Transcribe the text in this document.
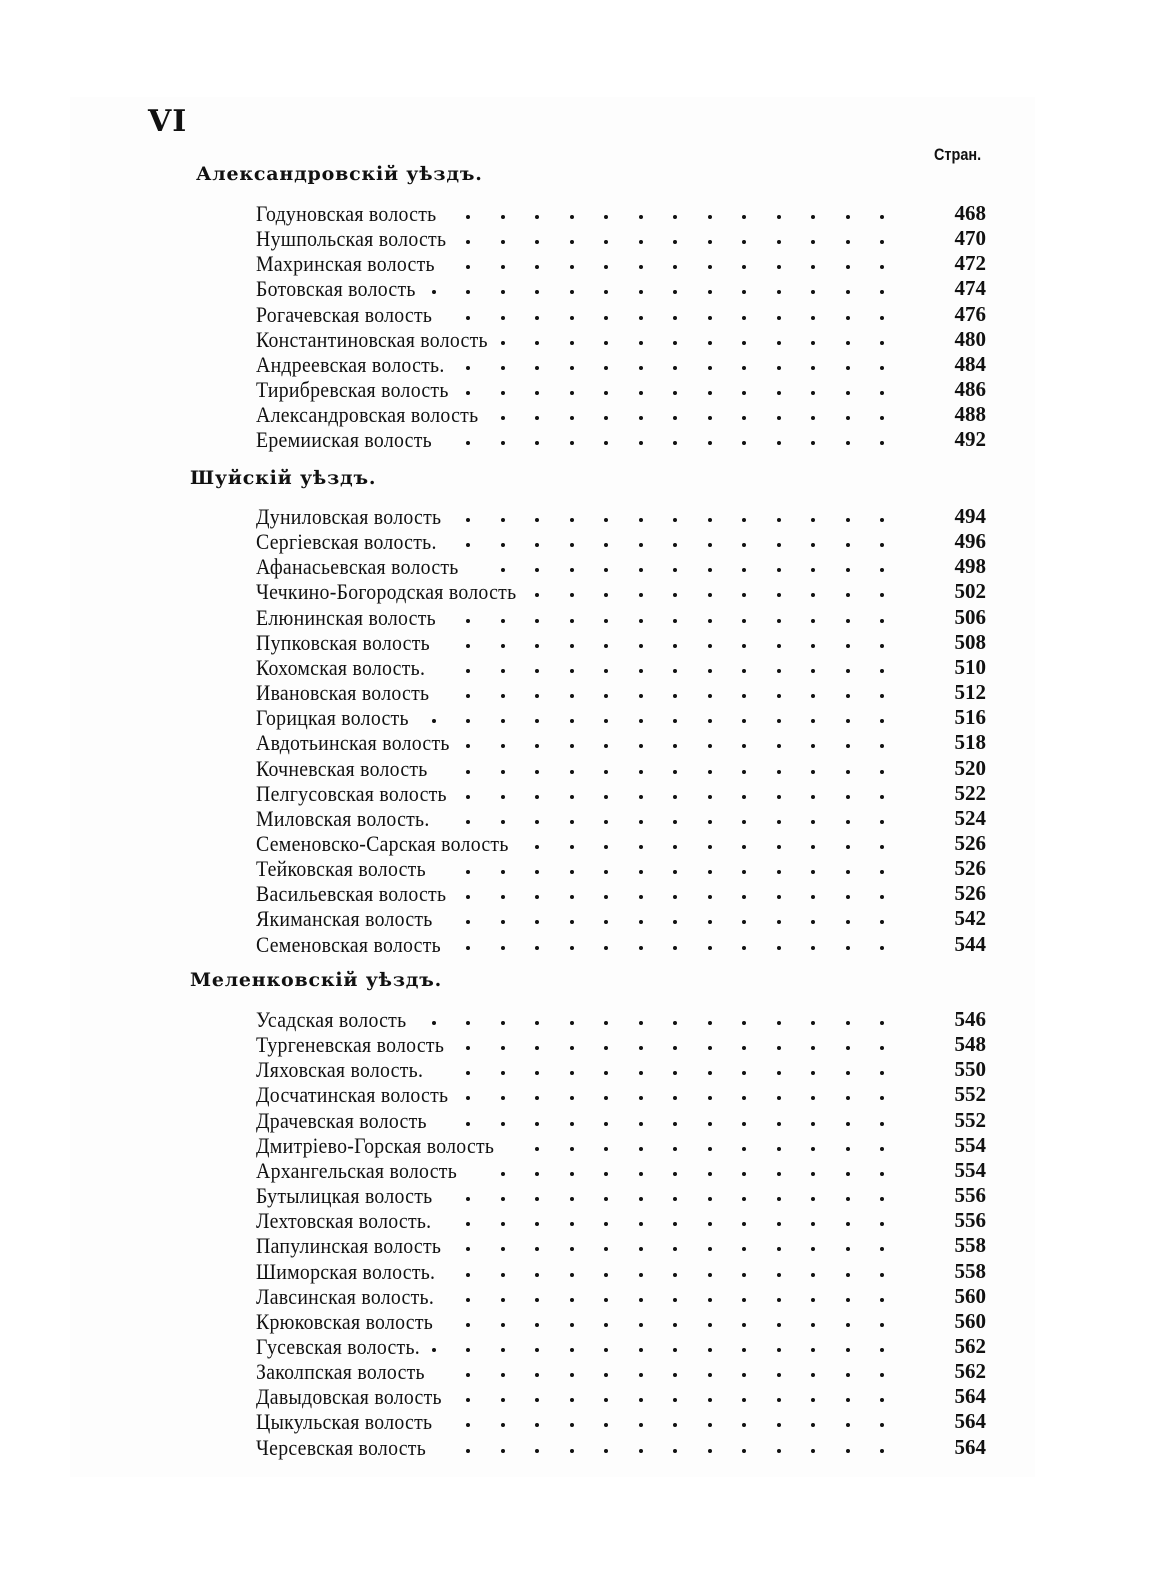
VI
Стран.
Александровскій уѣздъ.
Годуновская волость	468
Нушпольская волость	470
Махринская волость	472
Ботовская волость	474
Рогачевская волость	476
Константиновская волость	480
Андреевская волость.	484
Тирибревская волость	486
Александровская волость	488
Еремииская волость	492
Шуйскій уѣздъ.
Дуниловская волость	494
Сергіевская волость.	496
Афанасьевская волость	498
Чечкино-Богородская волость	502
Елюнинская волость	506
Пупковская волость	508
Кохомская волость.	510
Ивановская волость	512
Горицкая волость	516
Авдотьинская волость	518
Кочневская волость	520
Пелгусовская волость	522
Миловская волость.	524
Семеновско-Сарская волость	526
Тейковская волость	526
Васильевская волость	526
Якиманская волость	542
Семеновская волость	544
Меленковскій уѣздъ.
Усадская волость	546
Тургеневская волость	548
Ляховская волость.	550
Досчатинская волость	552
Драчевская волость	552
Дмитріево-Горская волость	554
Архангельская волость	554
Бутылицкая волость	556
Лехтовская волость.	556
Папулинская волость	558
Шиморская волость.	558
Лавсинская волость.	560
Крюковская волость	560
Гусевская волость.	562
Заколпская волость	562
Давыдовская волость	564
Цыкульская волость	564
Черсевская волость	564
